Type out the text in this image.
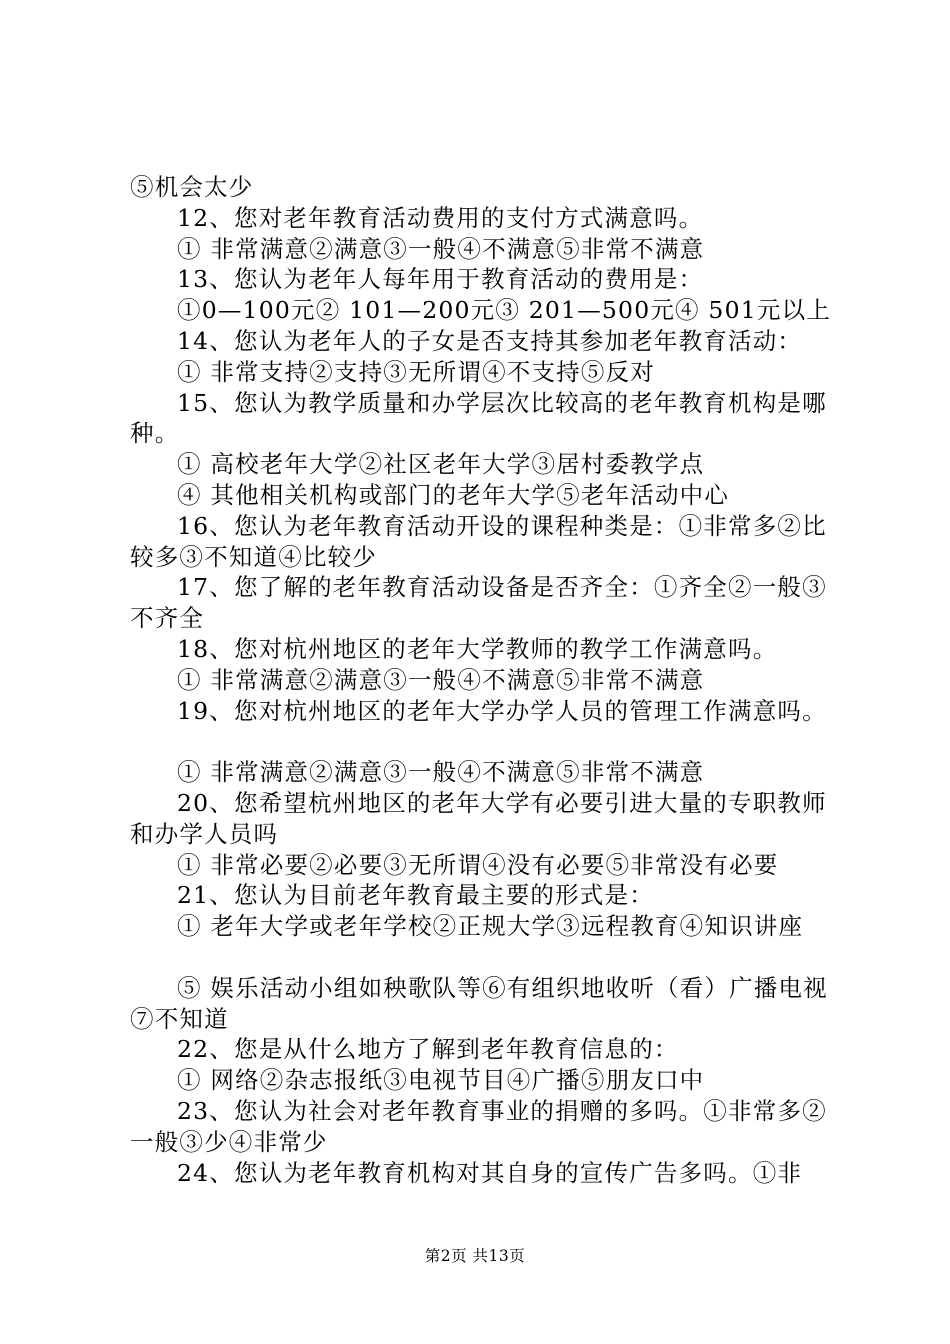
⑤机会太少

12、您对老年教育活动费用的支付方式满意吗。

① 非常满意②满意③一般④不满意⑤非常不满意

13、您认为老年人每年用于教育活动的费用是：

①0—100元② 101—200元③ 201—500元④ 501元以上

14、您认为老年人的子女是否支持其参加老年教育活动：

① 非常支持②支持③无所谓④不支持⑤反对

15、您认为教学质量和办学层次比较高的老年教育机构是哪种。

① 高校老年大学②社区老年大学③居村委教学点

④ 其他相关机构或部门的老年大学⑤老年活动中心

16、您认为老年教育活动开设的课程种类是：①非常多②比较多③不知道④比较少

17、您了解的老年教育活动设备是否齐全：①齐全②一般③不齐全

18、您对杭州地区的老年大学教师的教学工作满意吗。

① 非常满意②满意③一般④不满意⑤非常不满意

19、您对杭州地区的老年大学办学人员的管理工作满意吗。

① 非常满意②满意③一般④不满意⑤非常不满意

20、您希望杭州地区的老年大学有必要引进大量的专职教师和办学人员吗

① 非常必要②必要③无所谓④没有必要⑤非常没有必要

21、您认为目前老年教育最主要的形式是：

① 老年大学或老年学校②正规大学③远程教育④知识讲座

⑤ 娱乐活动小组如秧歌队等⑥有组织地收听（看）广播电视⑦不知道

22、您是从什么地方了解到老年教育信息的：

① 网络②杂志报纸③电视节目④广播⑤朋友口中

23、您认为社会对老年教育事业的捐赠的多吗。①非常多②一般③少④非常少

24、您认为老年教育机构对其自身的宣传广告多吗。①非

第2页 共13页
